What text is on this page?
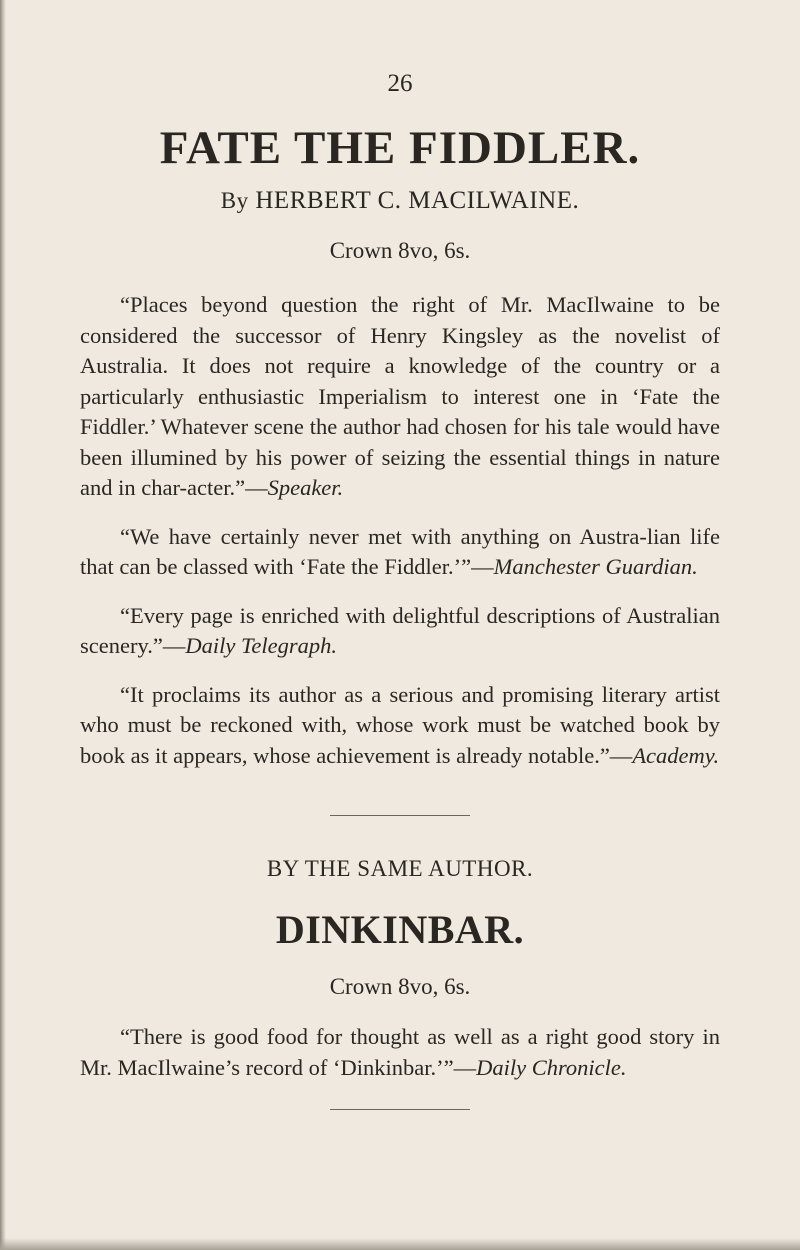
26
FATE THE FIDDLER.
By HERBERT C. MACILWAINE.
Crown 8vo, 6s.

“Places beyond question the right of Mr. MacIlwaine to be considered the successor of Henry Kingsley as the novelist of Australia. It does not require a knowledge of the country or a particularly enthusiastic Imperialism to interest one in ‘Fate the Fiddler.’ Whatever scene the author had chosen for his tale would have been illumined by his power of seizing the essential things in nature and in char-acter.”—Speaker.

“We have certainly never met with anything on Austra-lian life that can be classed with ‘Fate the Fiddler.’”—Manchester Guardian.

“Every page is enriched with delightful descriptions of Australian scenery.”—Daily Telegraph.

“It proclaims its author as a serious and promising literary artist who must be reckoned with, whose work must be watched book by book as it appears, whose achievement is already notable.”—Academy.

BY THE SAME AUTHOR.
DINKINBAR.
Crown 8vo, 6s.

“There is good food for thought as well as a right good story in Mr. MacIlwaine’s record of ‘Dinkinbar.’”—Daily Chronicle.
